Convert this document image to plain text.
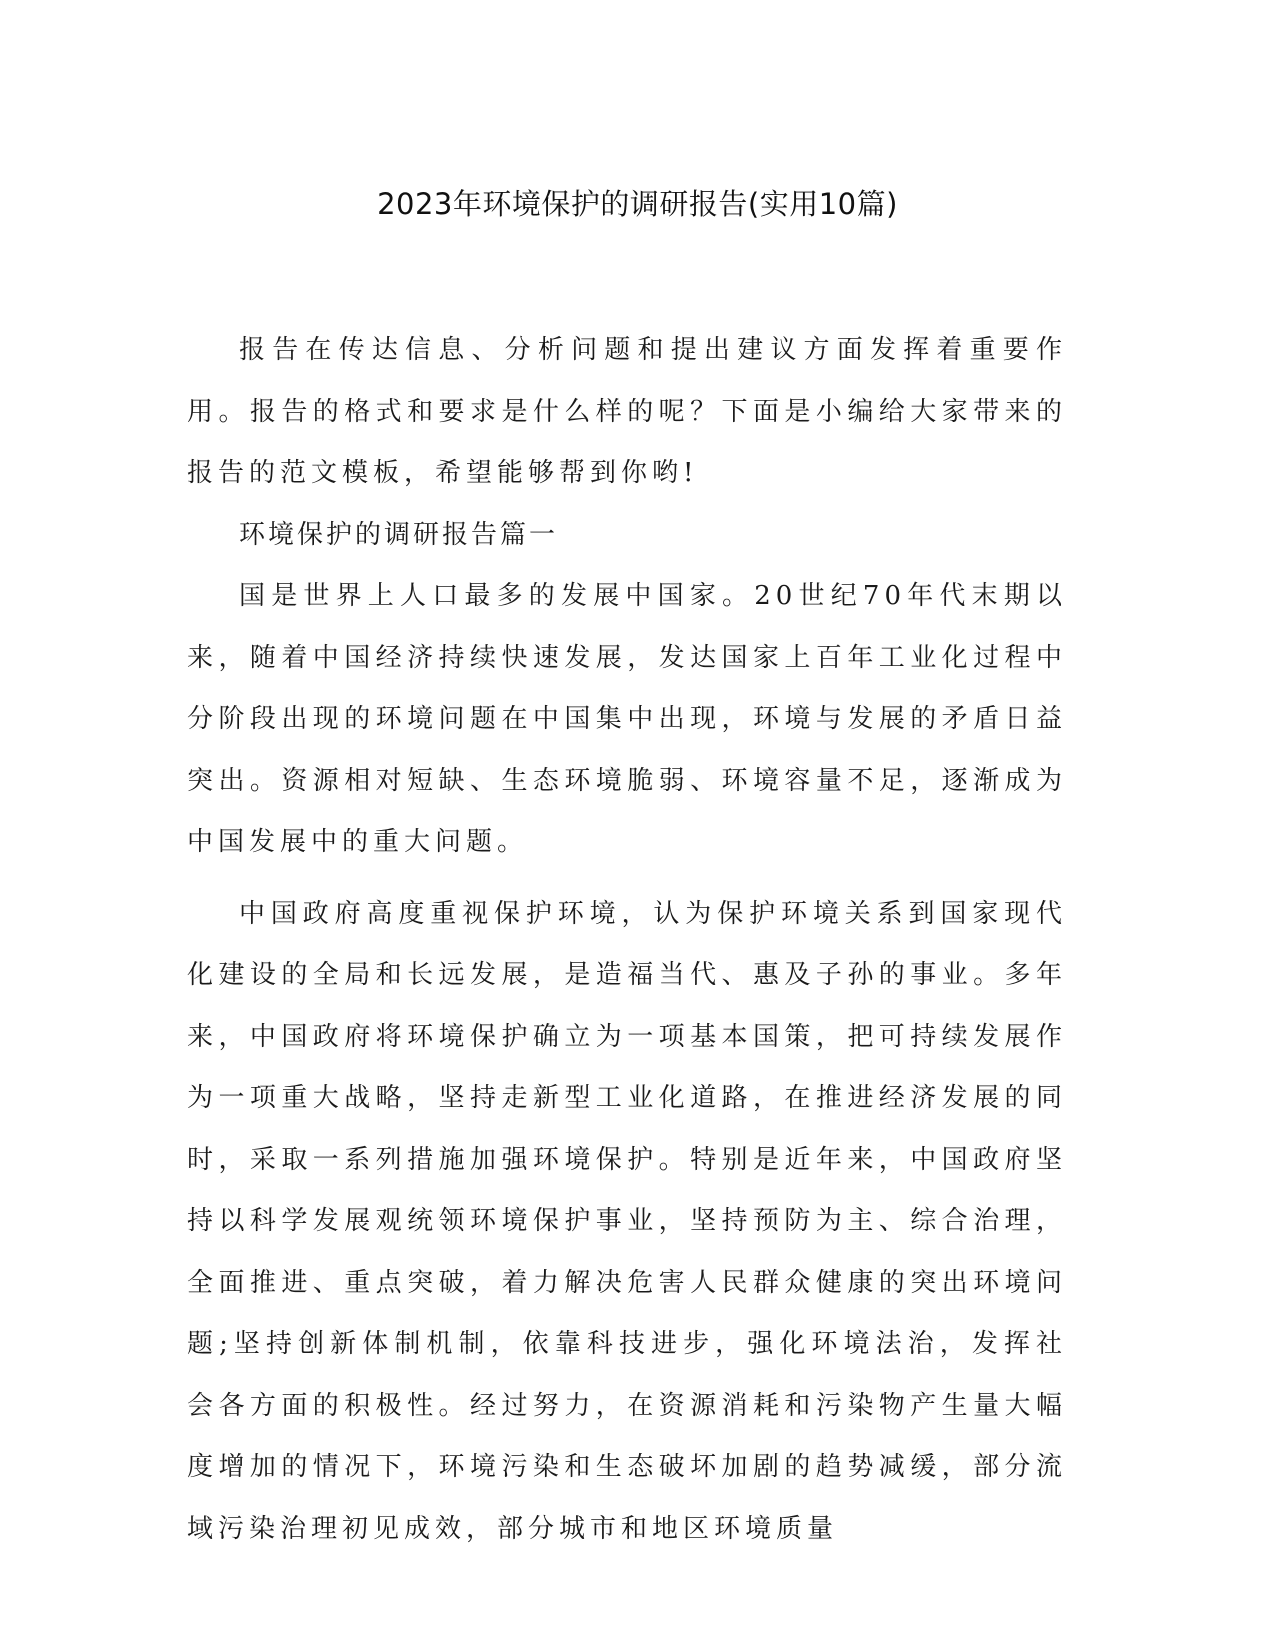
2023年环境保护的调研报告(实用10篇)

报告在传达信息、分析问题和提出建议方面发挥着重要作用。报告的格式和要求是什么样的呢？下面是小编给大家带来的报告的范文模板，希望能够帮到你哟!

环境保护的调研报告篇一

国是世界上人口最多的发展中国家。20世纪70年代末期以来，随着中国经济持续快速发展，发达国家上百年工业化过程中分阶段出现的环境问题在中国集中出现，环境与发展的矛盾日益突出。资源相对短缺、生态环境脆弱、环境容量不足，逐渐成为中国发展中的重大问题。

中国政府高度重视保护环境，认为保护环境关系到国家现代化建设的全局和长远发展，是造福当代、惠及子孙的事业。多年来，中国政府将环境保护确立为一项基本国策，把可持续发展作为一项重大战略，坚持走新型工业化道路，在推进经济发展的同时，采取一系列措施加强环境保护。特别是近年来，中国政府坚持以科学发展观统领环境保护事业，坚持预防为主、综合治理，全面推进、重点突破，着力解决危害人民群众健康的突出环境问题;坚持创新体制机制，依靠科技进步，强化环境法治，发挥社会各方面的积极性。经过努力，在资源消耗和污染物产生量大幅度增加的情况下，环境污染和生态破坏加剧的趋势减缓，部分流域污染治理初见成效，部分城市和地区环境质量
